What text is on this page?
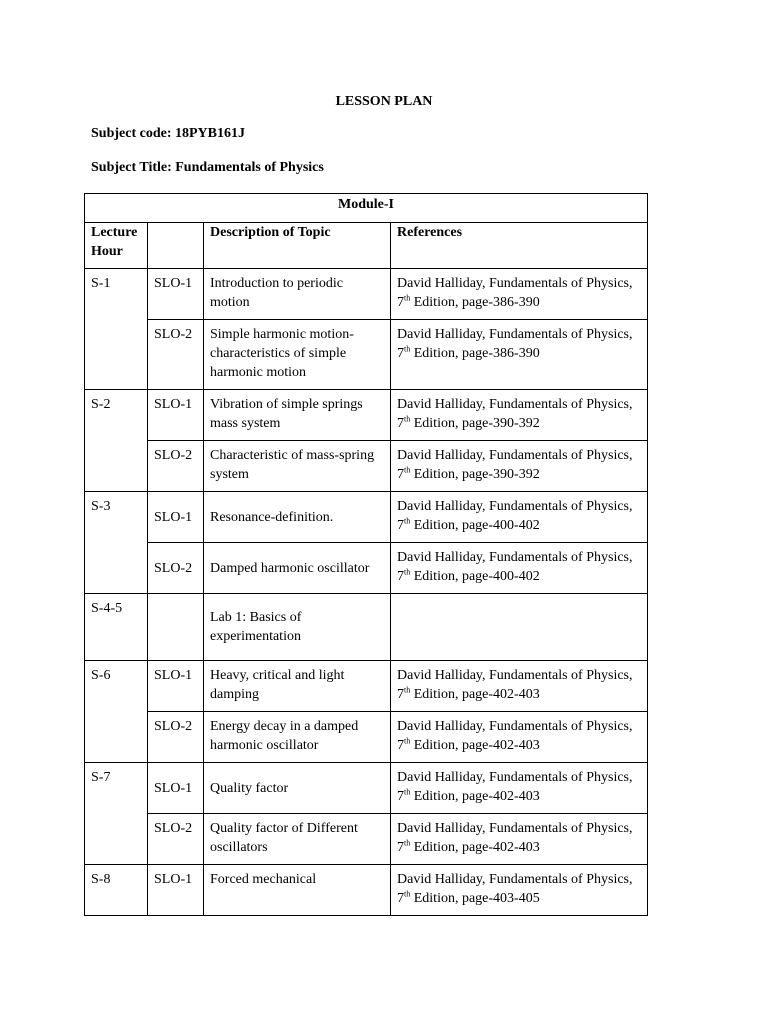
LESSON PLAN
Subject code: 18PYB161J
Subject Title: Fundamentals of Physics
Module-I			
Lecture Hour		Description of Topic	References
S-1	SLO-1	Introduction to periodic motion	David Halliday, Fundamentals of Physics,
7th Edition, page-386-390
	SLO-2	Simple harmonic motion-characteristics of simple harmonic motion	David Halliday, Fundamentals of Physics,
7th Edition, page-386-390
S-2	SLO-1	Vibration of simple springs mass system	David Halliday, Fundamentals of Physics,
7th Edition, page-390-392
	SLO-2	Characteristic of mass-spring system	David Halliday, Fundamentals of Physics,
7th Edition, page-390-392
S-3	SLO-1	Resonance-definition.	David Halliday, Fundamentals of Physics,
7th Edition, page-400-402
	SLO-2	Damped harmonic oscillator	David Halliday, Fundamentals of Physics,
7th Edition, page-400-402
S-4-5		Lab 1: Basics of experimentation	
S-6	SLO-1	Heavy, critical and light damping	David Halliday, Fundamentals of Physics,
7th Edition, page-402-403
	SLO-2	Energy decay in a damped harmonic oscillator	David Halliday, Fundamentals of Physics,
7th Edition, page-402-403
S-7	SLO-1	Quality factor	David Halliday, Fundamentals of Physics,
7th Edition, page-402-403
	SLO-2	Quality factor of Different oscillators	David Halliday, Fundamentals of Physics,
7th Edition, page-402-403
S-8	SLO-1	Forced mechanical	David Halliday, Fundamentals of Physics,
7th Edition, page-403-405
